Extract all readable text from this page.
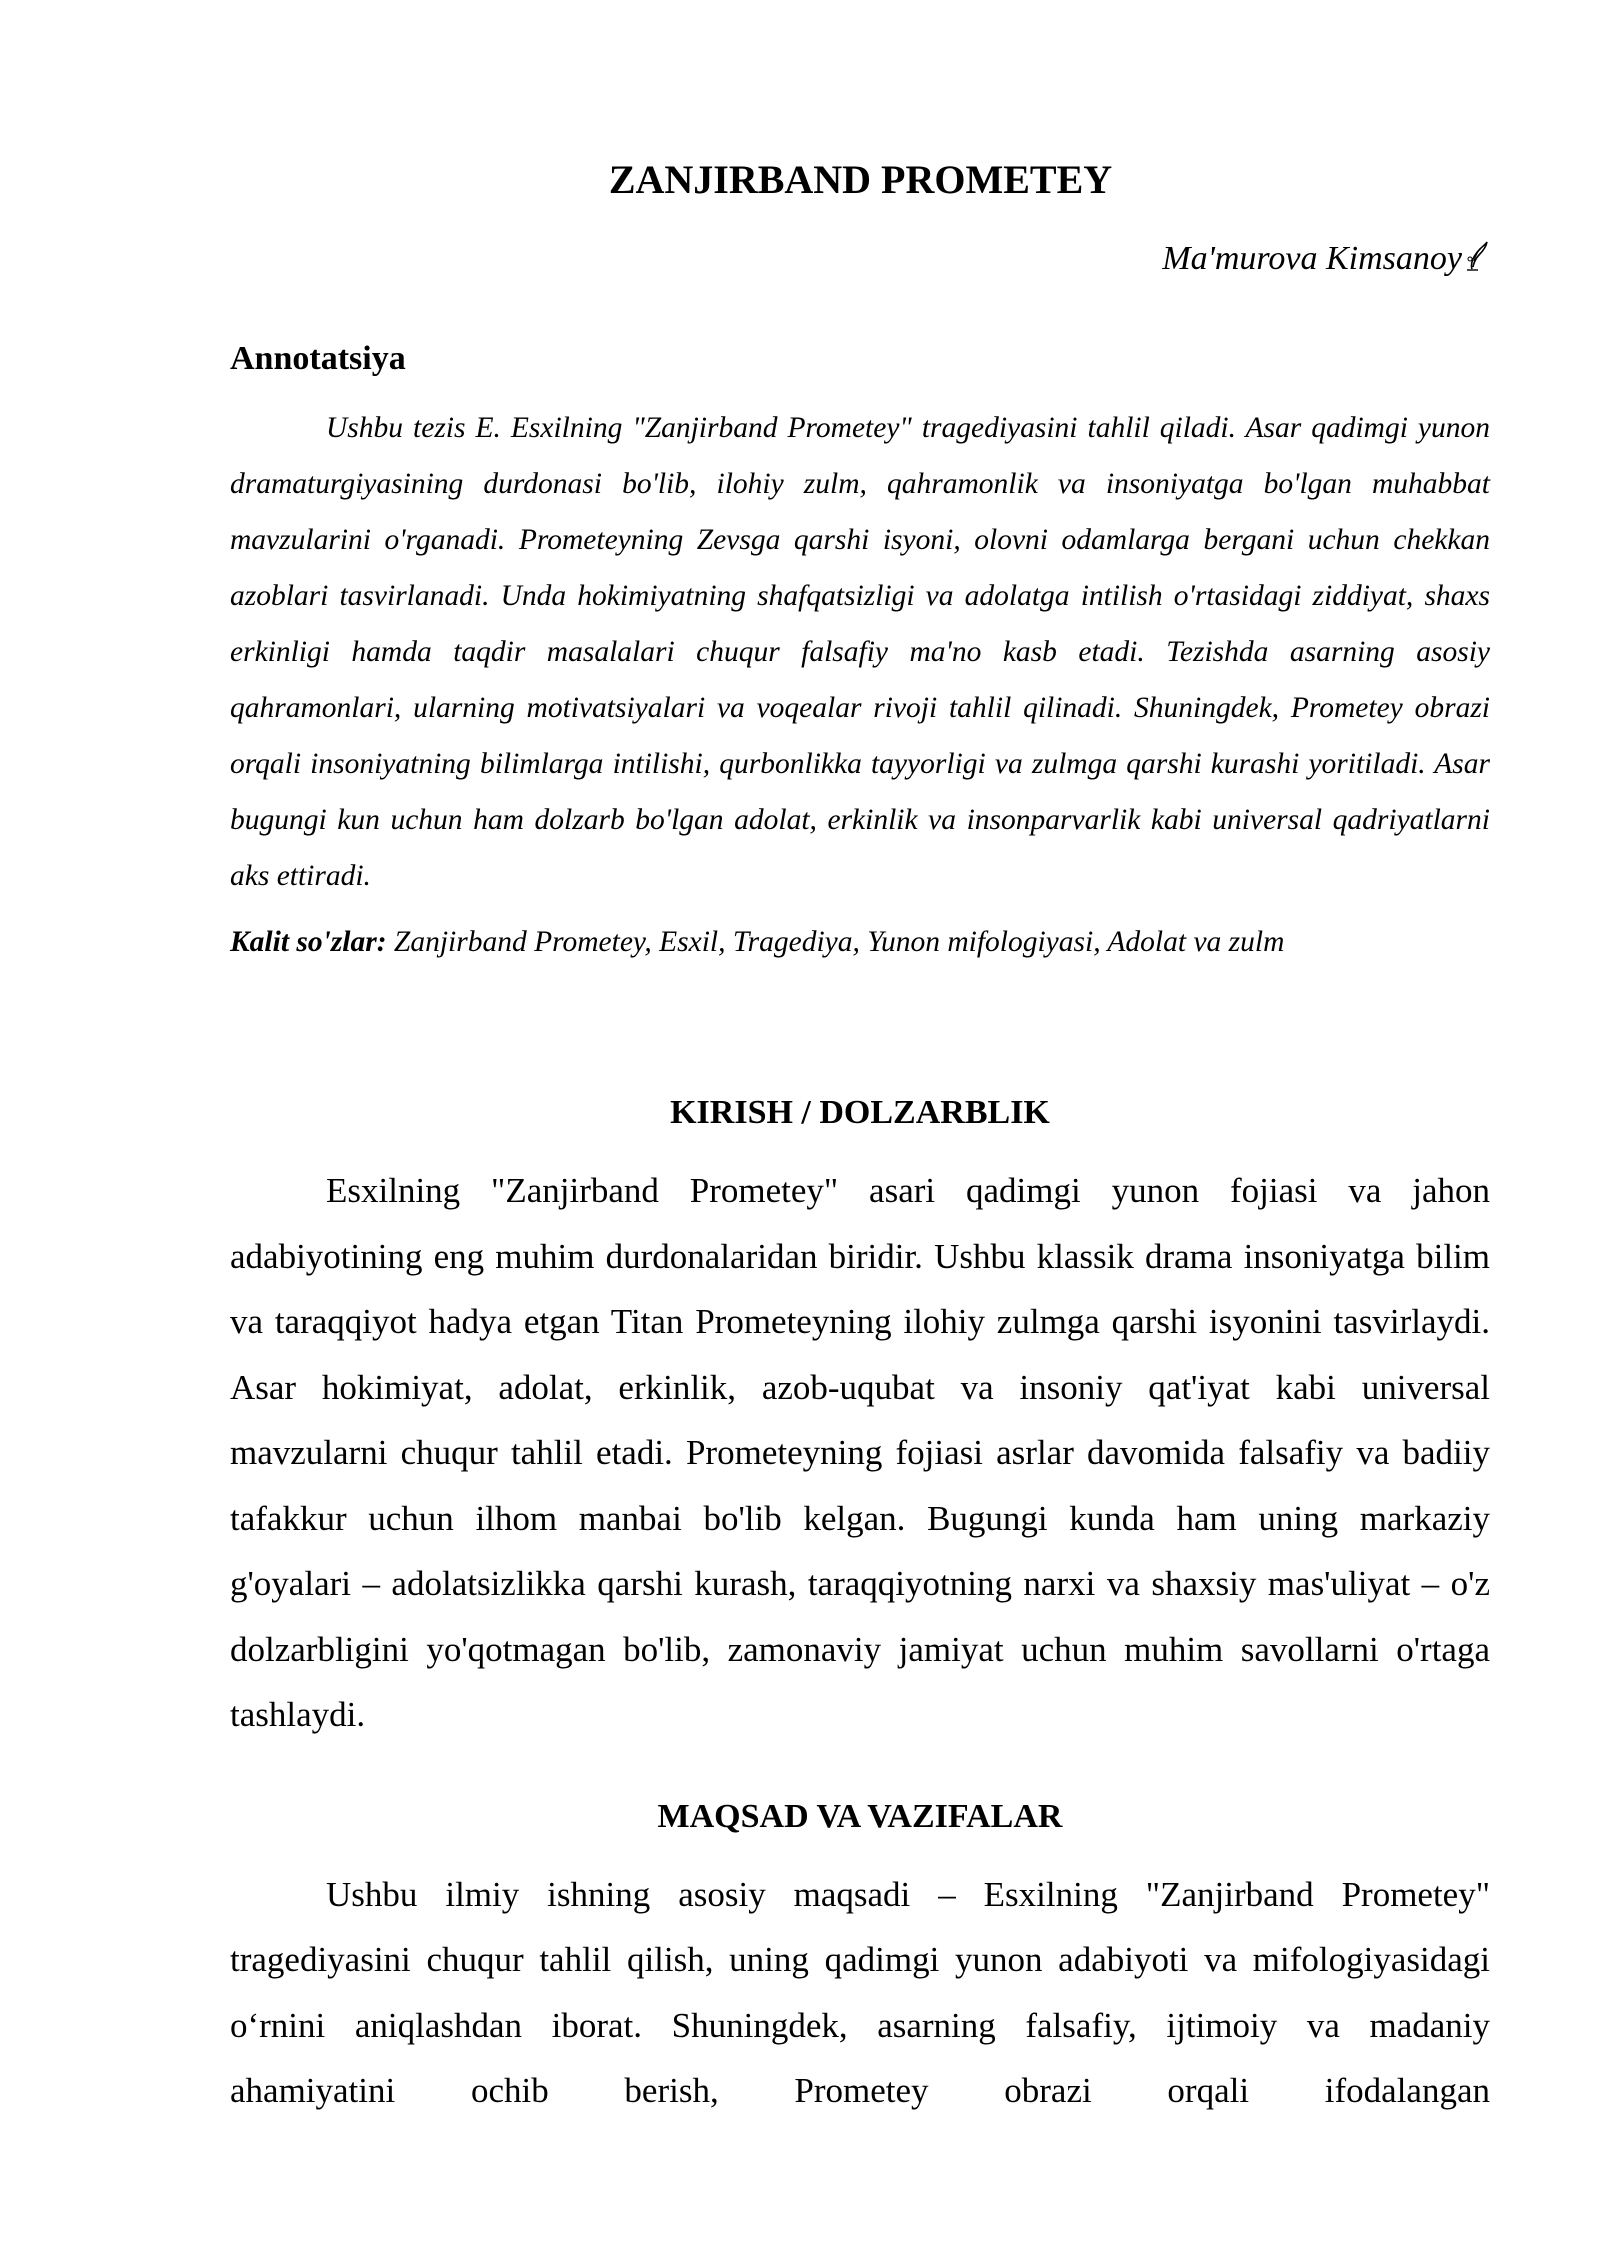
ZANJIRBAND PROMETEY
Ma'murova Kimsanoy
Annotatsiya

Ushbu tezis E. Esxilning "Zanjirband Prometey" tragediyasini tahlil qiladi. Asar qadimgi yunon dramaturgiyasining durdonasi bo'lib, ilohiy zulm, qahramonlik va insoniyatga bo'lgan muhabbat mavzularini o'rganadi. Prometeyning Zevsga qarshi isyoni, olovni odamlarga bergani uchun chekkan azoblari tasvirlanadi. Unda hokimiyatning shafqatsizligi va adolatga intilish o'rtasidagi ziddiyat, shaxs erkinligi hamda taqdir masalalari chuqur falsafiy ma'no kasb etadi. Tezishda asarning asosiy qahramonlari, ularning motivatsiyalari va voqealar rivoji tahlil qilinadi. Shuningdek, Prometey obrazi orqali insoniyatning bilimlarga intilishi, qurbonlikka tayyorligi va zulmga qarshi kurashi yoritiladi. Asar bugungi kun uchun ham dolzarb bo'lgan adolat, erkinlik va insonparvarlik kabi universal qadriyatlarni aks ettiradi.

Kalit so'zlar: Zanjirband Prometey, Esxil, Tragediya, Yunon mifologiyasi, Adolat va zulm
KIRISH / DOLZARBLIK

Esxilning "Zanjirband Prometey" asari qadimgi yunon fojiasi va jahon adabiyotining eng muhim durdonalaridan biridir. Ushbu klassik drama insoniyatga bilim va taraqqiyot hadya etgan Titan Prometeyning ilohiy zulmga qarshi isyonini tasvirlaydi. Asar hokimiyat, adolat, erkinlik, azob-uqubat va insoniy qat'iyat kabi universal mavzularni chuqur tahlil etadi. Prometeyning fojiasi asrlar davomida falsafiy va badiiy tafakkur uchun ilhom manbai bo'lib kelgan. Bugungi kunda ham uning markaziy g'oyalari – adolatsizlikka qarshi kurash, taraqqiyotning narxi va shaxsiy mas'uliyat – o'z dolzarbligini yo'qotmagan bo'lib, zamonaviy jamiyat uchun muhim savollarni o'rtaga tashlaydi.

MAQSAD VA VAZIFALAR

Ushbu ilmiy ishning asosiy maqsadi – Esxilning "Zanjirband Prometey" tragediyasini chuqur tahlil qilish, uning qadimgi yunon adabiyoti va mifologiyasidagi o‘rnini aniqlashdan iborat. Shuningdek, asarning falsafiy, ijtimoiy va madaniy ahamiyatini ochib berish, Prometey obrazi orqali ifodalangan
